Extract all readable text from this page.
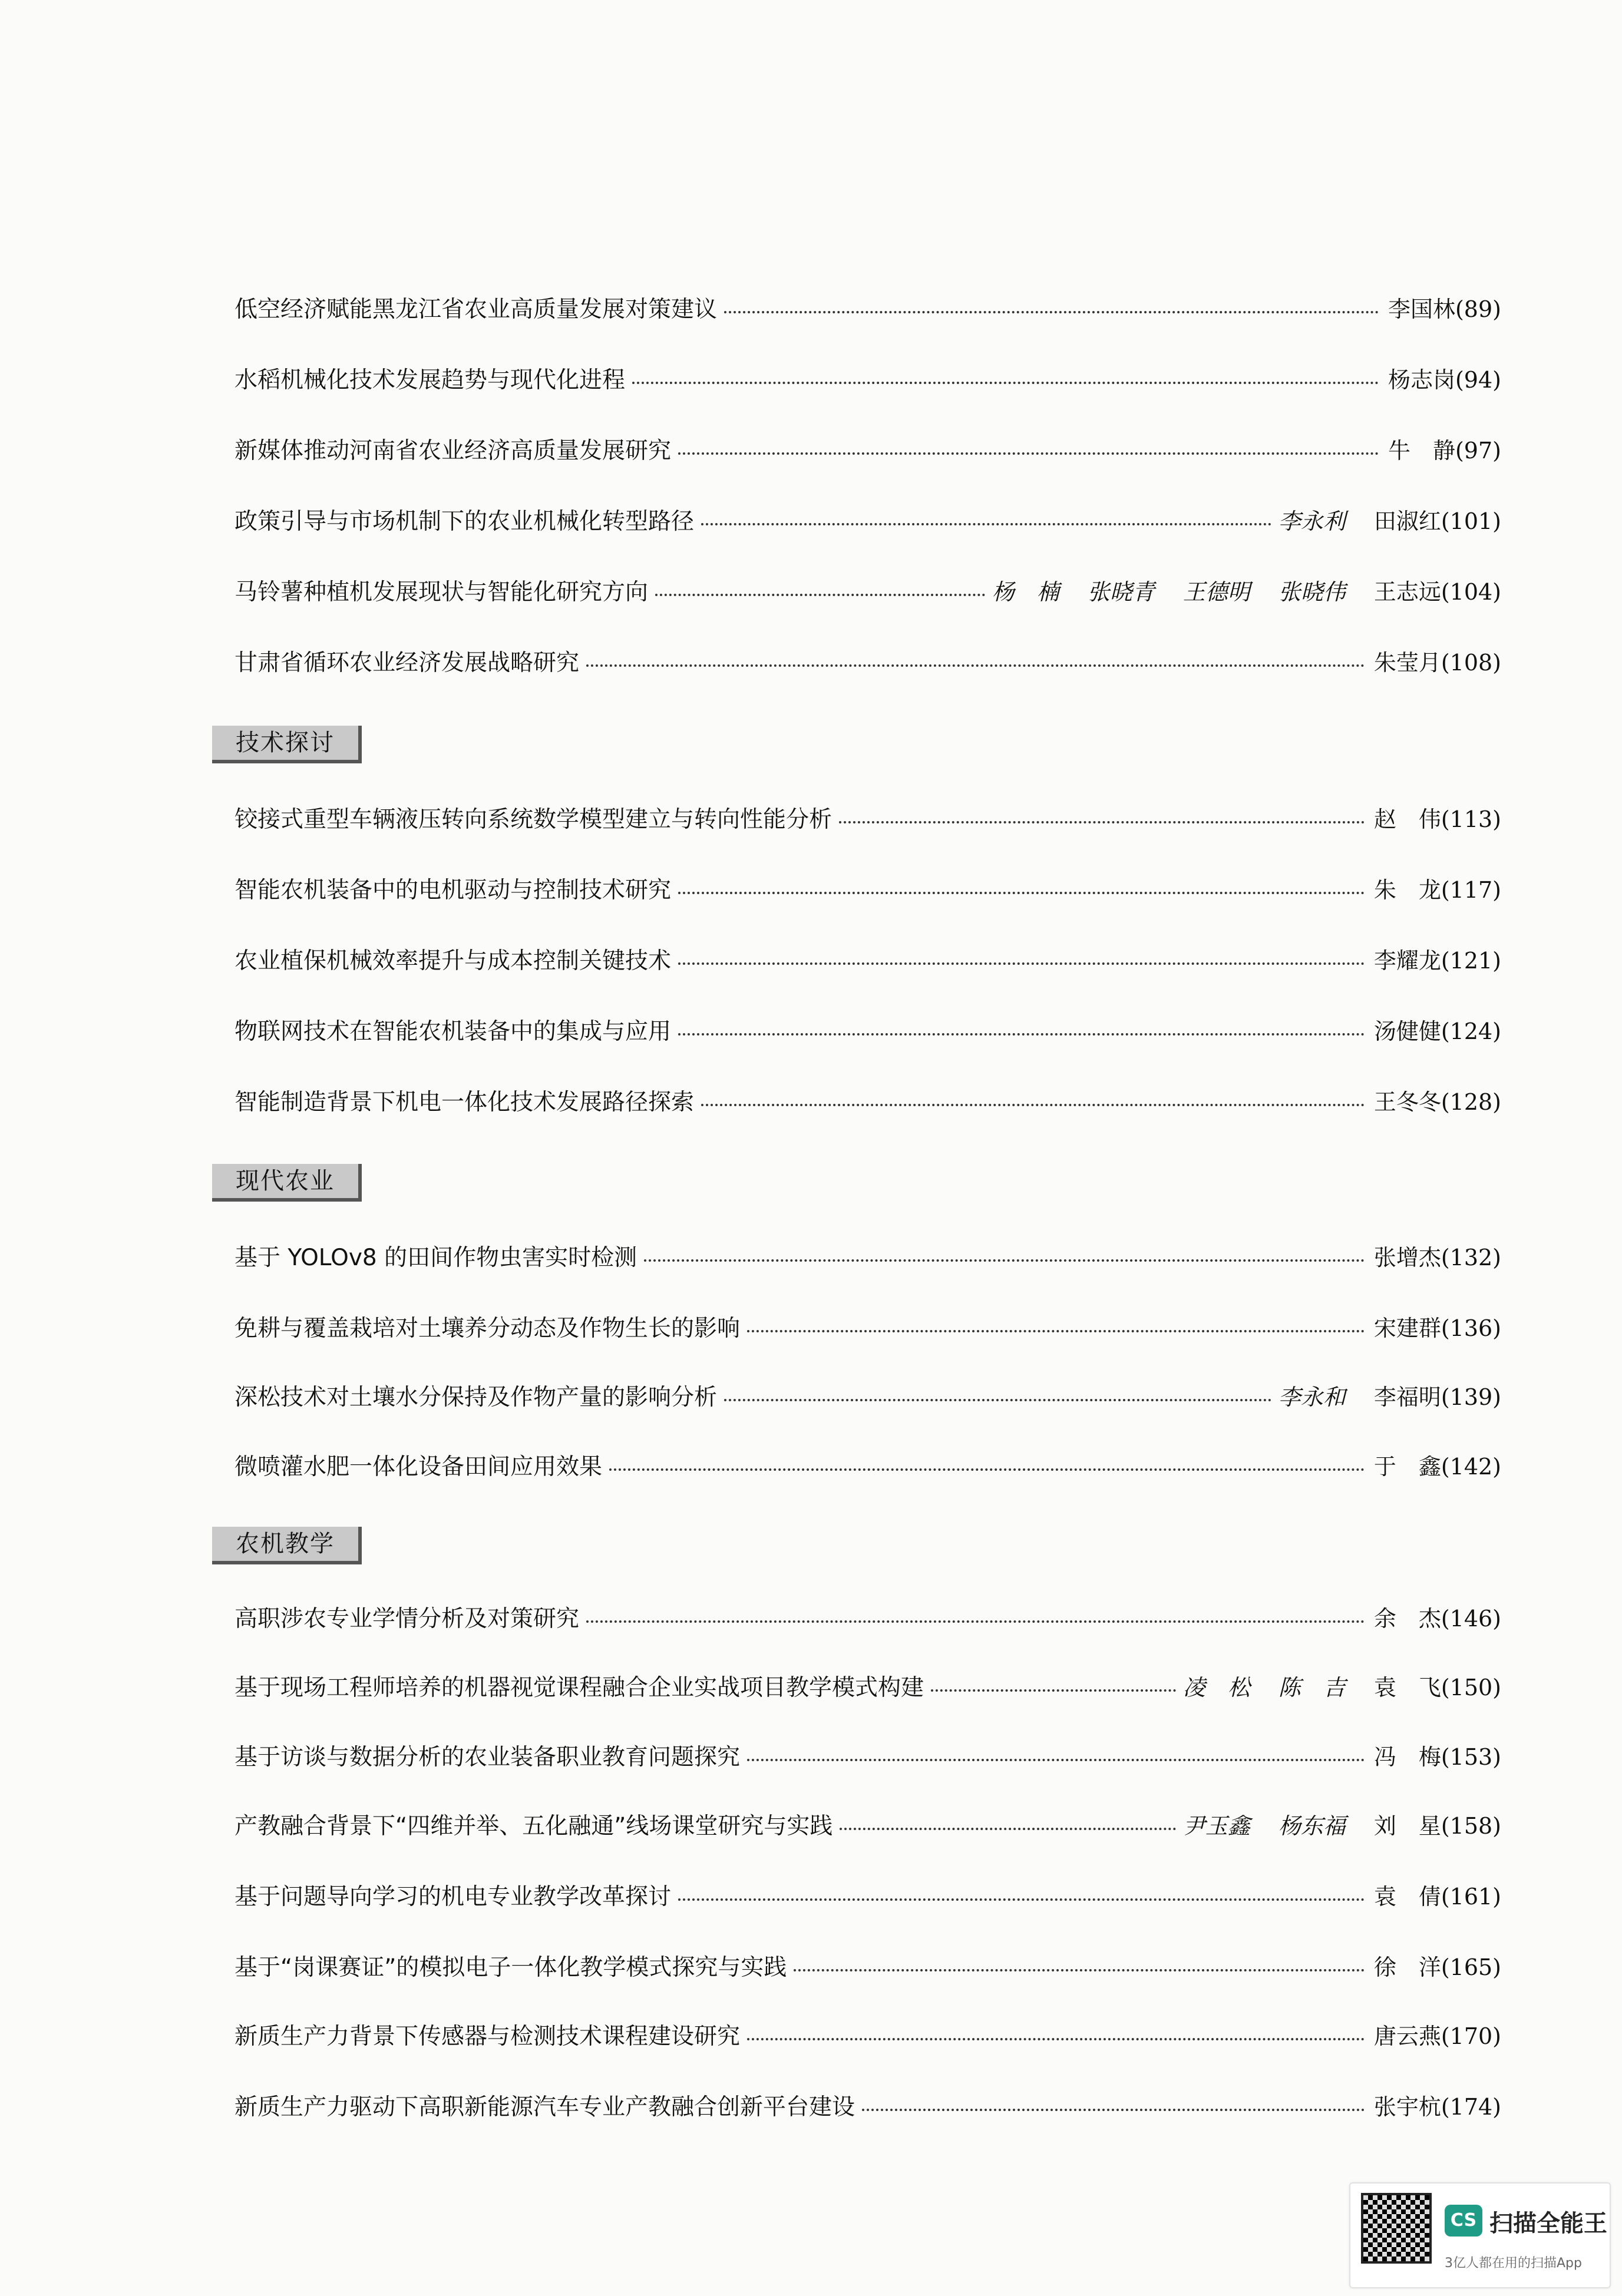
低空经济赋能黑龙江省农业高质量发展对策建议	李国林(89)
水稻机械化技术发展趋势与现代化进程	杨志岗(94)
新媒体推动河南省农业经济高质量发展研究	牛　静(97)
政策引导与市场机制下的农业机械化转型路径	李永利 田淑红(101)
马铃薯种植机发展现状与智能化研究方向	杨　楠 张晓青 王德明 张晓伟 王志远(104)
甘肃省循环农业经济发展战略研究	朱莹月(108)
技术探讨
铰接式重型车辆液压转向系统数学模型建立与转向性能分析	赵　伟(113)
智能农机装备中的电机驱动与控制技术研究	朱　龙(117)
农业植保机械效率提升与成本控制关键技术	李耀龙(121)
物联网技术在智能农机装备中的集成与应用	汤健健(124)
智能制造背景下机电一体化技术发展路径探索	王冬冬(128)
现代农业
基于 YOLOv8 的田间作物虫害实时检测	张增杰(132)
免耕与覆盖栽培对土壤养分动态及作物生长的影响	宋建群(136)
深松技术对土壤水分保持及作物产量的影响分析	李永和 李福明(139)
微喷灌水肥一体化设备田间应用效果	于　鑫(142)
农机教学
高职涉农专业学情分析及对策研究	余　杰(146)
基于现场工程师培养的机器视觉课程融合企业实战项目教学模式构建	凌　松 陈　吉 袁　飞(150)
基于访谈与数据分析的农业装备职业教育问题探究	冯　梅(153)
产教融合背景下“四维并举、五化融通”线场课堂研究与实践	尹玉鑫 杨东福 刘　星(158)
基于问题导向学习的机电专业教学改革探讨	袁　倩(161)
基于“岗课赛证”的模拟电子一体化教学模式探究与实践	徐　洋(165)
新质生产力背景下传感器与检测技术课程建设研究	唐云燕(170)
新质生产力驱动下高职新能源汽车专业产教融合创新平台建设	张宇杭(174)
CS 扫描全能王
3亿人都在用的扫描App
